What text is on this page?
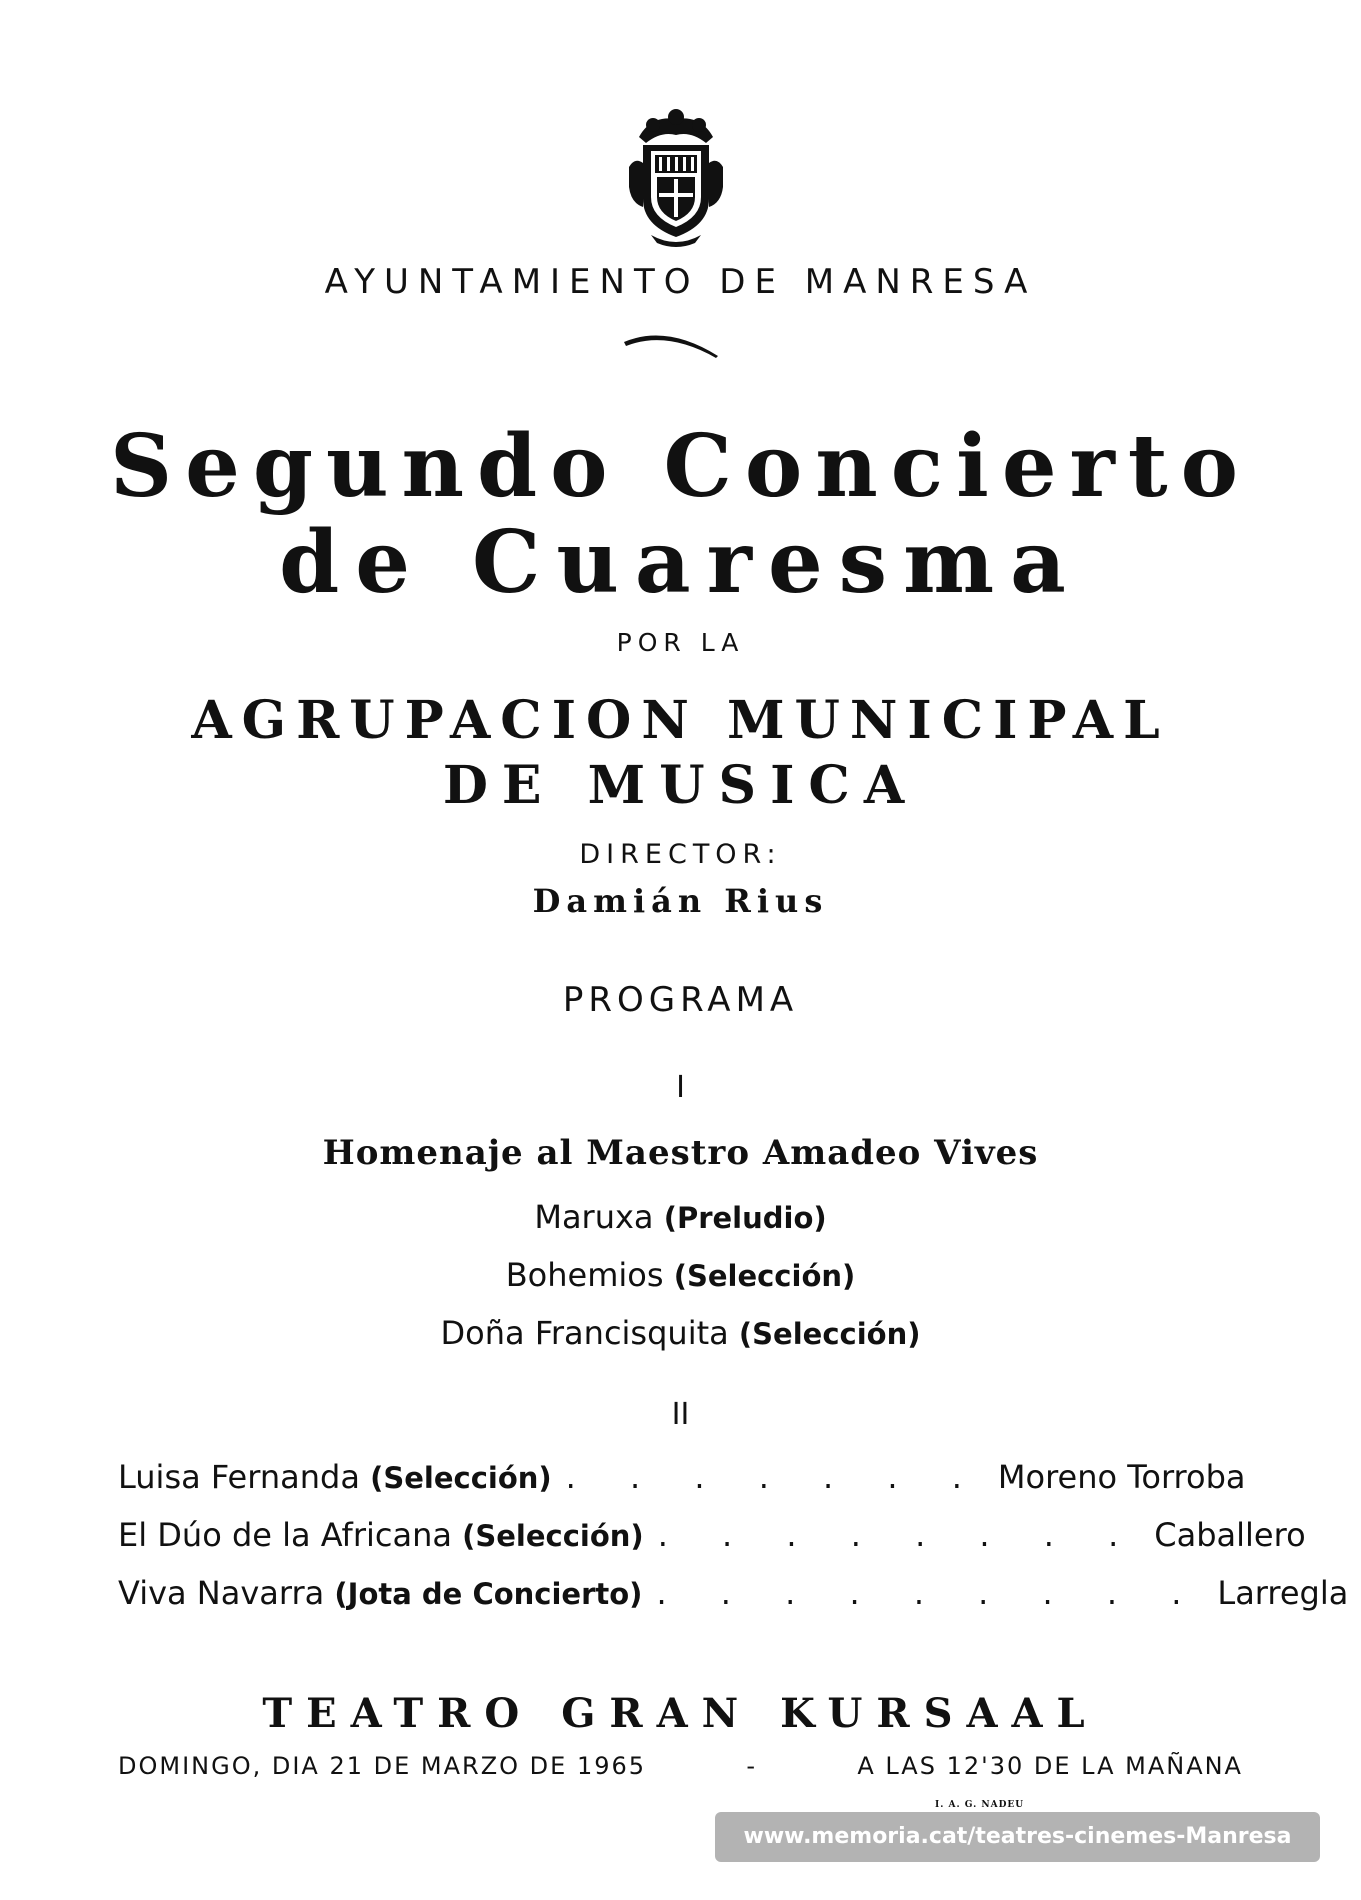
AYUNTAMIENTO DE MANRESA
Segundo Concierto
de Cuaresma
POR LA
AGRUPACION MUNICIPAL
DE MUSICA
DIRECTOR:
Damián Rius
PROGRAMA
I
Homenaje al Maestro Amadeo Vives
Maruxa (Preludio)
Bohemios (Selección)
Doña Francisquita (Selección)
II
Luisa Fernanda
(Selección) . . . . . . . Moreno Torroba
El Dúo de la Africana
(Selección) . . . . . . . . Caballero
Viva Navarra
(Jota de Concierto) . . . . . . . . . Larregla
TEATRO GRAN KURSAAL
DOMINGO, DIA 21 DE MARZO DE 1965	-	A LAS 12'30 DE LA MAÑANA
I. A. G. NADEU
www.memoria.cat/teatres-cinemes-Manresa
